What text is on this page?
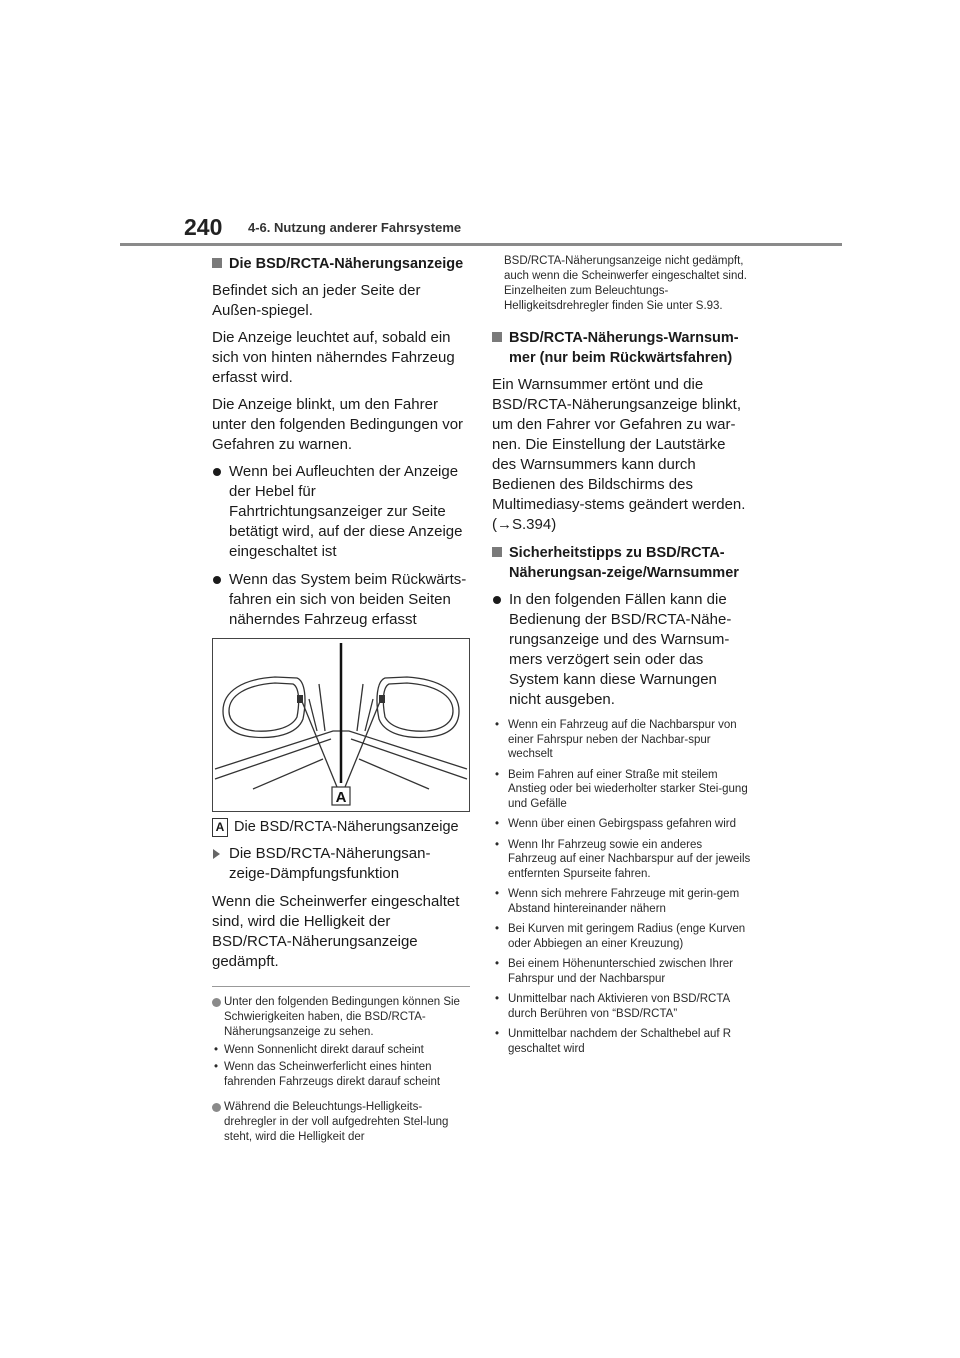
240 4-6. Nutzung anderer Fahrsysteme
Die BSD/RCTA-Näherungsanzeige
Befindet sich an jeder Seite der Außen-spiegel.
Die Anzeige leuchtet auf, sobald ein sich von hinten näherndes Fahrzeug erfasst wird.
Die Anzeige blinkt, um den Fahrer unter den folgenden Bedingungen vor Gefahren zu warnen.
Wenn bei Aufleuchten der Anzeige der Hebel für Fahrtrichtungsanzeiger zur Seite betätigt wird, auf der diese Anzeige eingeschaltet ist
Wenn das System beim Rückwärts-fahren ein sich von beiden Seiten näherndes Fahrzeug erfasst
A
A Die BSD/RCTA-Näherungsanzeige
Die BSD/RCTA-Näherungsan-zeige-Dämpfungsfunktion
Wenn die Scheinwerfer eingeschaltet sind, wird die Helligkeit der BSD/RCTA-Näherungsanzeige gedämpft.
Unter den folgenden Bedingungen können Sie Schwierigkeiten haben, die BSD/RCTA-Näherungsanzeige zu sehen.
• Wenn Sonnenlicht direkt darauf scheint
• Wenn das Scheinwerferlicht eines hinten fahrenden Fahrzeugs direkt darauf scheint
Während die Beleuchtungs-Helligkeits-drehregler in der voll aufgedrehten Stel-lung steht, wird die Helligkeit der
BSD/RCTA-Näherungsanzeige nicht gedämpft, auch wenn die Scheinwerfer eingeschaltet sind. Einzelheiten zum Beleuchtungs-Helligkeitsdrehregler finden Sie unter S.93.
BSD/RCTA-Näherungs-Warnsum-mer (nur beim Rückwärtsfahren)
Ein Warnsummer ertönt und die BSD/RCTA-Näherungsanzeige blinkt, um den Fahrer vor Gefahren zu war-nen. Die Einstellung der Lautstärke des Warnsummers kann durch Bedienen des Bildschirms des Multimediasy-stems geändert werden. (→S.394)
Sicherheitstipps zu BSD/RCTA-Näherungsan-zeige/Warnsummer
In den folgenden Fällen kann die Bedienung der BSD/RCTA-Nähe-rungsanzeige und des Warnsum-mers verzögert sein oder das System kann diese Warnungen nicht ausgeben.
• Wenn ein Fahrzeug auf die Nachbarspur von einer Fahrspur neben der Nachbar-spur wechselt
• Beim Fahren auf einer Straße mit steilem Anstieg oder bei wiederholter starker Stei-gung und Gefälle
• Wenn über einen Gebirgspass gefahren wird
• Wenn Ihr Fahrzeug sowie ein anderes Fahrzeug auf einer Nachbarspur auf der jeweils entfernten Spurseite fahren.
• Wenn sich mehrere Fahrzeuge mit gerin-gem Abstand hintereinander nähern
• Bei Kurven mit geringem Radius (enge Kurven oder Abbiegen an einer Kreuzung)
• Bei einem Höhenunterschied zwischen Ihrer Fahrspur und der Nachbarspur
• Unmittelbar nach Aktivieren von BSD/RCTA durch Berühren von “BSD/RCTA”
• Unmittelbar nachdem der Schalthebel auf R geschaltet wird
